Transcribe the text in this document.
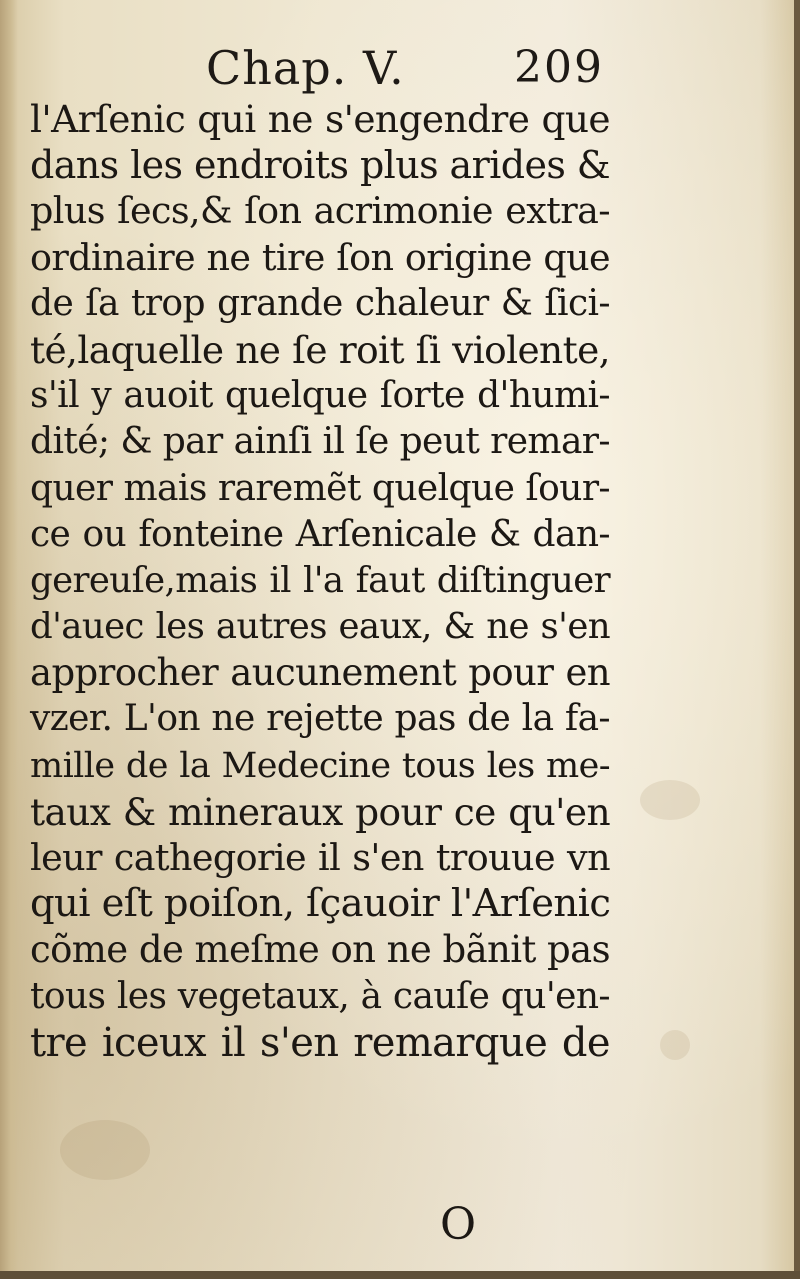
Chap. V. 209
l'Arſenic qui ne s'engendre que
dans les endroits plus arides &
plus ſecs,& ſon acrimonie extra-
ordinaire ne tire ſon origine que
de ſa trop grande chaleur & ſici-
té,laquelle ne ſe roit ſi violente,
s'il y auoit quelque ſorte d'humi-
dité; & par ainſi il ſe peut remar-
quer mais raremẽt quelque ſour-
ce ou fonteine Arſenicale & dan-
gereuſe,mais il l'a faut diſtinguer
d'auec les autres eaux, & ne s'en
approcher aucunement pour en
vzer. L'on ne rejette pas de la fa-
mille de la Medecine tous les me-
taux & mineraux pour ce qu'en
leur cathegorie il s'en trouue vn
qui eſt poiſon, ſçauoir l'Arſenic
cõme de meſme on ne bãnit pas
tous les vegetaux, à cauſe qu'en-
tre iceux il s'en remarque de
O
